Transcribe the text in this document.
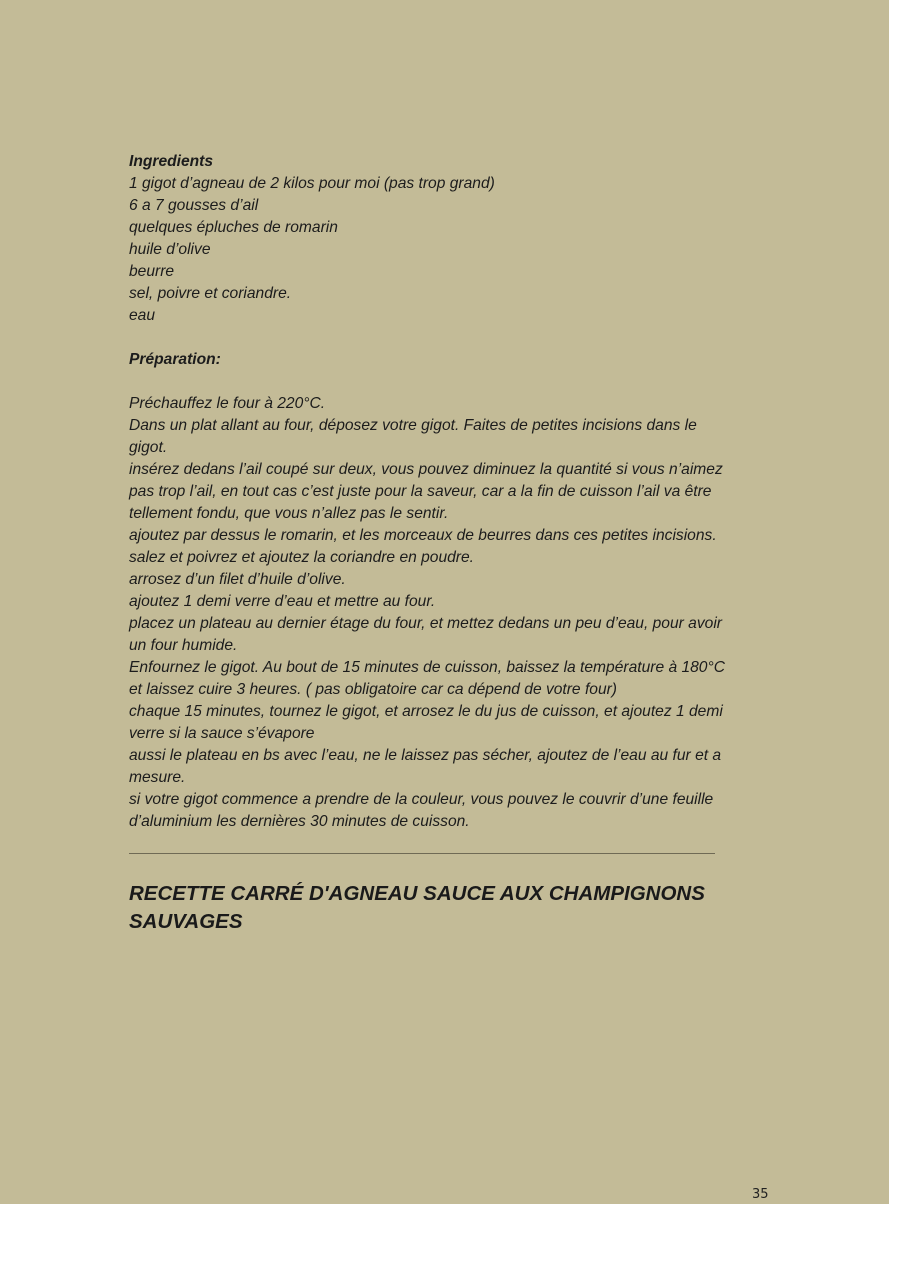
Ingredients
1 gigot d’agneau de 2 kilos pour moi (pas trop grand)
6 a 7 gousses d’ail
quelques épluches de romarin
huile d’olive
beurre
sel, poivre et coriandre.
eau
Préparation:
Préchauffez le four à 220°C.
Dans un plat allant au four, déposez votre gigot. Faites de petites incisions dans le
gigot.
insérez dedans l’ail coupé sur deux, vous pouvez diminuez la quantité si vous n’aimez
pas trop l’ail, en tout cas c’est juste pour la saveur, car a la fin de cuisson l’ail va être
tellement fondu, que vous n’allez pas le sentir.
ajoutez par dessus le romarin, et les morceaux de beurres dans ces petites incisions.
salez et poivrez et ajoutez la coriandre en poudre.
arrosez d’un filet d’huile d’olive.
ajoutez 1 demi verre d’eau et mettre au four.
placez un plateau au dernier étage du four, et mettez dedans un peu d’eau, pour avoir
un four humide.
Enfournez le gigot. Au bout de 15 minutes de cuisson, baissez la température à 180°C
et laissez cuire 3 heures. ( pas obligatoire car ca dépend de votre four)
chaque 15 minutes, tournez le gigot, et arrosez le du jus de cuisson, et ajoutez 1 demi
verre si la sauce s’évapore
aussi le plateau en bs avec l’eau, ne le laissez pas sécher, ajoutez de l’eau au fur et a
mesure.
si votre gigot commence a prendre de la couleur, vous pouvez le couvrir d’une feuille
d’aluminium les dernières 30 minutes de cuisson.
RECETTE CARRÉ D'AGNEAU SAUCE AUX CHAMPIGNONS
SAUVAGES
35
